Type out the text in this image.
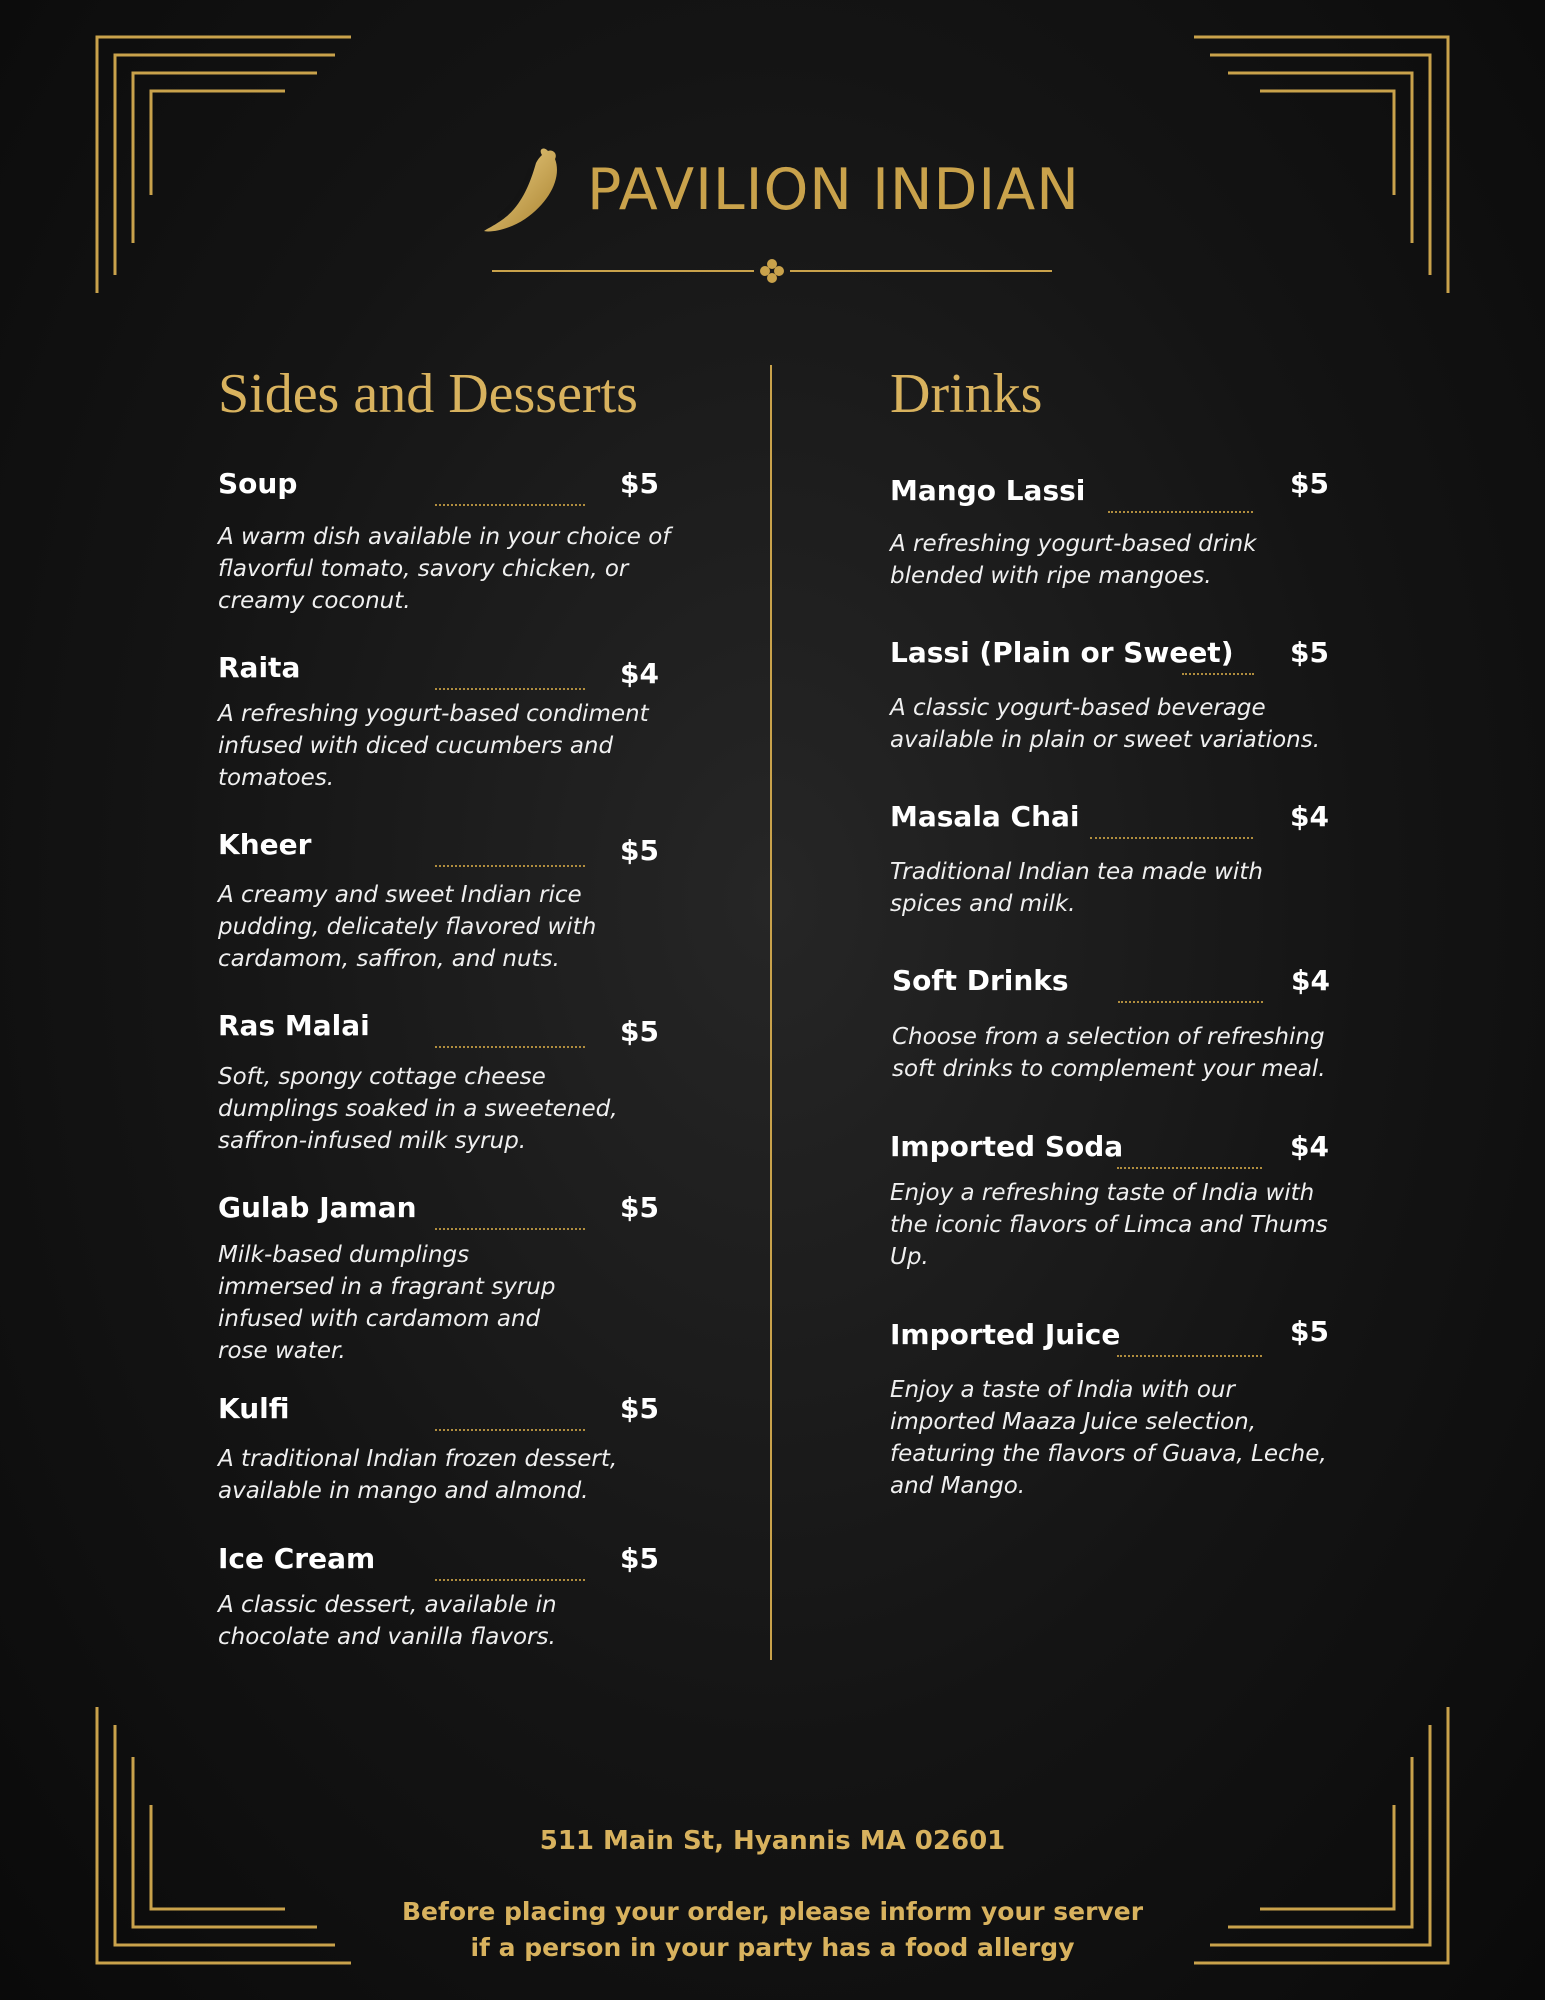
PAVILION INDIAN
Sides and Desserts
Soup	$5
A warm dish available in your choice of
flavorful tomato, savory chicken, or
creamy coconut.
Raita	$4
A refreshing yogurt-based condiment
infused with diced cucumbers and
tomatoes.
Kheer	$5
A creamy and sweet Indian rice
pudding, delicately flavored with
cardamom, saffron, and nuts.
Ras Malai	$5
Soft, spongy cottage cheese
dumplings soaked in a sweetened,
saffron-infused milk syrup.
Gulab Jaman	$5
Milk-based dumplings
immersed in a fragrant syrup
infused with cardamom and
rose water.
Kulfi	$5
A traditional Indian frozen dessert,
available in mango and almond.
Ice Cream	$5
A classic dessert, available in
chocolate and vanilla flavors.
Drinks
Mango Lassi	$5
A refreshing yogurt-based drink
blended with ripe mangoes.
Lassi (Plain or Sweet)	$5
A classic yogurt-based beverage
available in plain or sweet variations.
Masala Chai	$4
Traditional Indian tea made with
spices and milk.
Soft Drinks	$4
Choose from a selection of refreshing
soft drinks to complement your meal.
Imported Soda	$4
Enjoy a refreshing taste of India with
the iconic flavors of Limca and Thums
Up.
Imported Juice	$5
Enjoy a taste of India with our
imported Maaza Juice selection,
featuring the flavors of Guava, Leche,
and Mango.
511 Main St, Hyannis MA 02601
Before placing your order, please inform your server
if a person in your party has a food allergy
